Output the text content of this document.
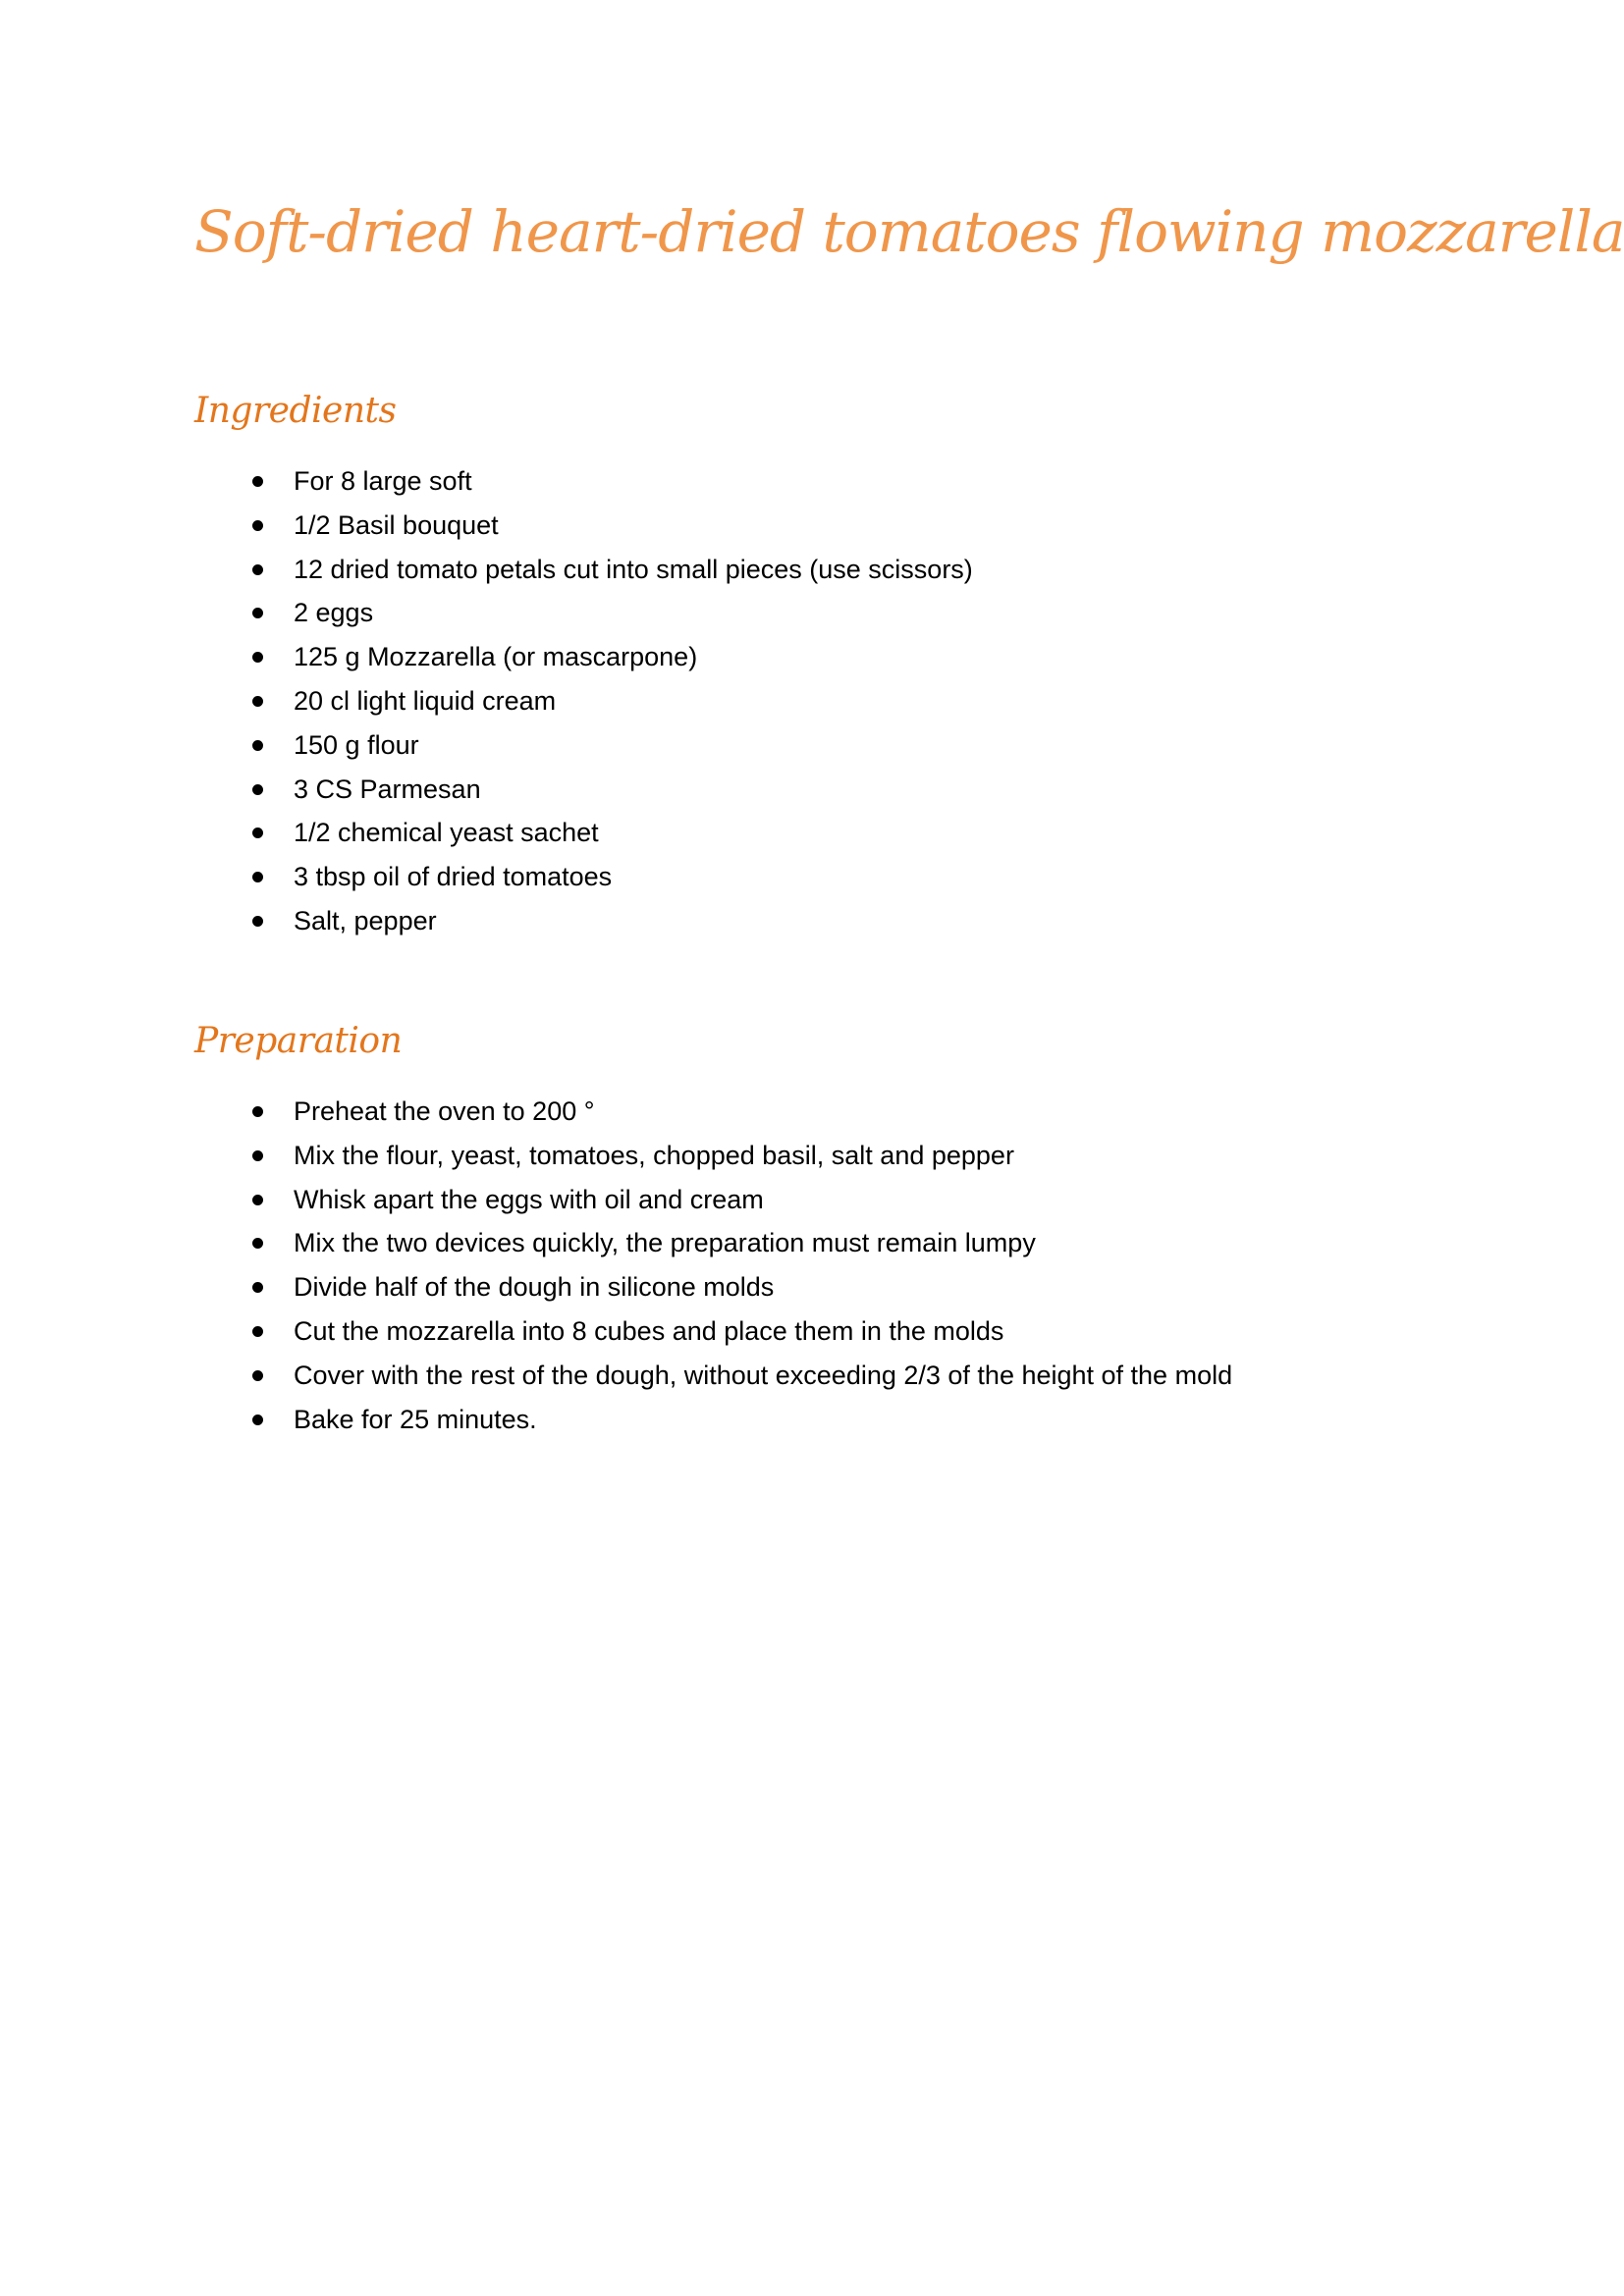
Soft-dried heart-dried tomatoes flowing mozzarella
Ingredients
For 8 large soft
1/2 Basil bouquet
12 dried tomato petals cut into small pieces (use scissors)
2 eggs
125 g Mozzarella (or mascarpone)
20 cl light liquid cream
150 g flour
3 CS Parmesan
1/2 chemical yeast sachet
3 tbsp oil of dried tomatoes
Salt, pepper
Preparation
Preheat the oven to 200 °
Mix the flour, yeast, tomatoes, chopped basil, salt and pepper
Whisk apart the eggs with oil and cream
Mix the two devices quickly, the preparation must remain lumpy
Divide half of the dough in silicone molds
Cut the mozzarella into 8 cubes and place them in the molds
Cover with the rest of the dough, without exceeding 2/3 of the height of the mold
Bake for 25 minutes.
